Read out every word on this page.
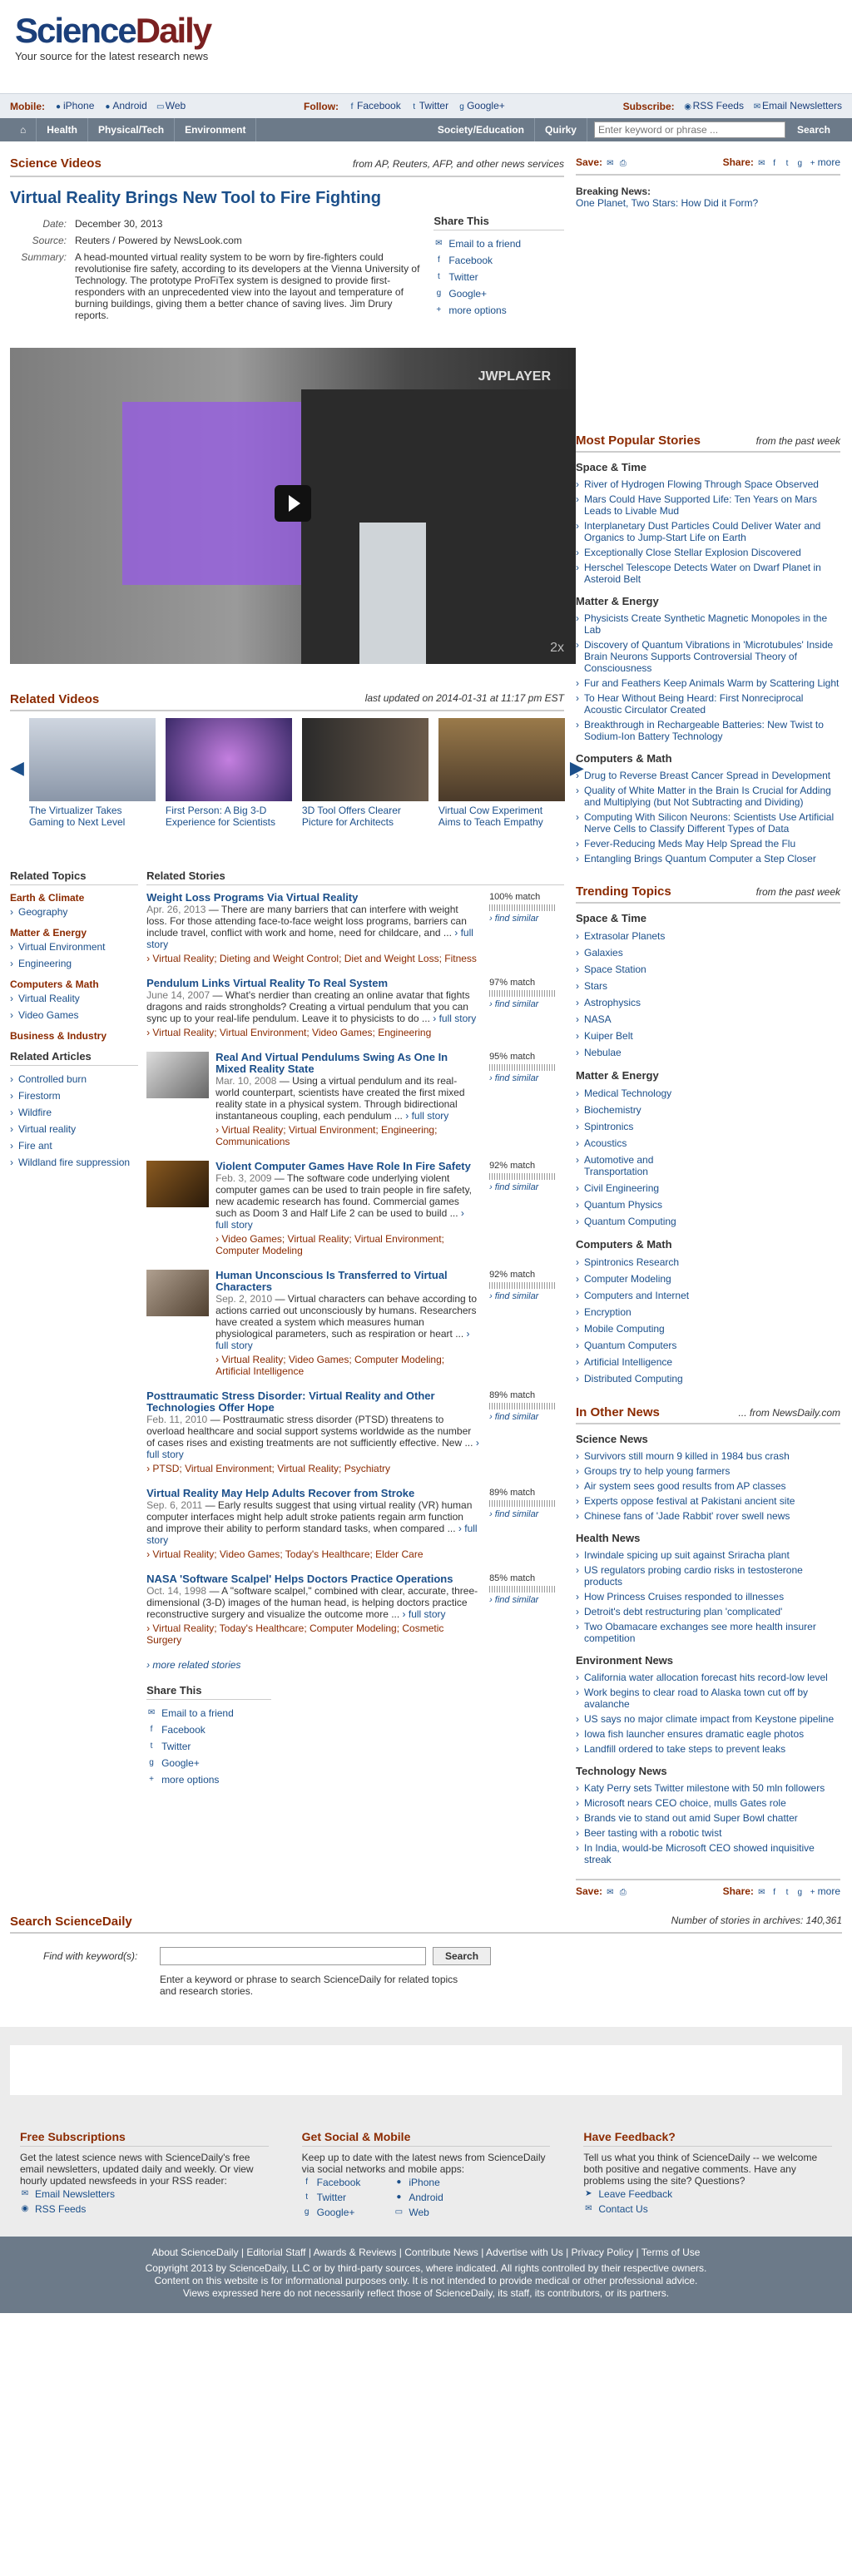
ScienceDaily
Your source for the latest research news
Mobile: ● iPhone ● Android ▭Web	Follow:	f Facebook	t Twitter	g Google+	Subscribe: ◉ RSS Feeds ✉ Email Newsletters
⌂	Health	Physical/Tech	Environment	Society/Education	Quirky
Enter keyword or phrase ...	Search
Science Videos	from AP, Reuters, AFP, and other news services
Virtual Reality Brings New Tool to Fire Fighting
Date:	December 30, 2013
Source:	Reuters / Powered by NewsLook.com
Summary:	A head-mounted virtual reality system to be worn by fire-fighters could revolutionise fire safety, according to its developers at the Vienna University of Technology. The prototype ProFiTex system is designed to provide first-responders with an unprecedented view into the layout and temperature of burning buildings, giving them a better chance of saving lives. Jim Drury reports.
Share This
✉ Email to a friend
f Facebook
t Twitter
g Google+
+ more options
JWPLAYER
2x
Related Videos	last updated on 2014-01-31 at 11:17 pm EST
◀
The Virtualizer Takes Gaming to Next Level
First Person: A Big 3-D Experience for Scientists
3D Tool Offers Clearer Picture for Architects
Virtual Cow Experiment Aims to Teach Empathy
▶
Related Topics
Earth & Climate
› Geography
Matter & Energy
› Virtual Environment
› Engineering
Computers & Math
› Virtual Reality
› Video Games
Business & Industry
Related Articles
› Controlled burn
› Firestorm
› Wildfire
› Virtual reality
› Fire ant
› Wildland fire suppression
Related Stories
Weight Loss Programs Via Virtual Reality
Apr. 26, 2013 — There are many barriers that can interfere with weight loss. For those attending face-to-face weight loss programs, barriers can include travel, conflict with work and home, need for childcare, and ... › full story
› Virtual Reality; Dieting and Weight Control; Diet and Weight Loss; Fitness
100% match
› find similar
Pendulum Links Virtual Reality To Real System
June 14, 2007 — What's nerdier than creating an online avatar that fights dragons and raids strongholds? Creating a virtual pendulum that you can sync up to your real-life pendulum. Leave it to physicists to do ... › full story
› Virtual Reality; Virtual Environment; Video Games; Engineering
97% match
› find similar
Real And Virtual Pendulums Swing As One In Mixed Reality State
Mar. 10, 2008 — Using a virtual pendulum and its real-world counterpart, scientists have created the first mixed reality state in a physical system. Through bidirectional instantaneous coupling, each pendulum ... › full story
› Virtual Reality; Virtual Environment; Engineering; Communications
95% match
› find similar
Violent Computer Games Have Role In Fire Safety
Feb. 3, 2009 — The software code underlying violent computer games can be used to train people in fire safety, new academic research has found. Commercial games such as Doom 3 and Half Life 2 can be used to build ... › full story
› Video Games; Virtual Reality; Virtual Environment; Computer Modeling
92% match
› find similar
Human Unconscious Is Transferred to Virtual Characters
Sep. 2, 2010 — Virtual characters can behave according to actions carried out unconsciously by humans. Researchers have created a system which measures human physiological parameters, such as respiration or heart ... › full story
› Virtual Reality; Video Games; Computer Modeling; Artificial Intelligence
92% match
› find similar
Posttraumatic Stress Disorder: Virtual Reality and Other Technologies Offer Hope
Feb. 11, 2010 — Posttraumatic stress disorder (PTSD) threatens to overload healthcare and social support systems worldwide as the number of cases rises and existing treatments are not sufficiently effective. New ... › full story
› PTSD; Virtual Environment; Virtual Reality; Psychiatry
89% match
› find similar
Virtual Reality May Help Adults Recover from Stroke
Sep. 6, 2011 — Early results suggest that using virtual reality (VR) human computer interfaces might help adult stroke patients regain arm function and improve their ability to perform standard tasks, when compared ... › full story
› Virtual Reality; Video Games; Today's Healthcare; Elder Care
89% match
› find similar
NASA 'Software Scalpel' Helps Doctors Practice Operations
Oct. 14, 1998 — A "software scalpel," combined with clear, accurate, three-dimensional (3-D) images of the human head, is helping doctors practice reconstructive surgery and visualize the outcome more ... › full story
› Virtual Reality; Today's Healthcare; Computer Modeling; Cosmetic Surgery
85% match
› find similar
› more related stories
Share This
✉ Email to a friend
f Facebook
t Twitter
g Google+
+ more options
Save: ✉ ⎙	Share: ✉ f t g + more
Breaking News:
One Planet, Two Stars: How Did it Form?
Most Popular Stories	from the past week
Space & Time
› River of Hydrogen Flowing Through Space Observed
› Mars Could Have Supported Life: Ten Years on Mars Leads to Livable Mud
› Interplanetary Dust Particles Could Deliver Water and Organics to Jump-Start Life on Earth
› Exceptionally Close Stellar Explosion Discovered
› Herschel Telescope Detects Water on Dwarf Planet in Asteroid Belt
Matter & Energy
› Physicists Create Synthetic Magnetic Monopoles in the Lab
› Discovery of Quantum Vibrations in 'Microtubules' Inside Brain Neurons Supports Controversial Theory of Consciousness
› Fur and Feathers Keep Animals Warm by Scattering Light
› To Hear Without Being Heard: First Nonreciprocal Acoustic Circulator Created
› Breakthrough in Rechargeable Batteries: New Twist to Sodium-Ion Battery Technology
Computers & Math
› Drug to Reverse Breast Cancer Spread in Development
› Quality of White Matter in the Brain Is Crucial for Adding and Multiplying (but Not Subtracting and Dividing)
› Computing With Silicon Neurons: Scientists Use Artificial Nerve Cells to Classify Different Types of Data
› Fever-Reducing Meds May Help Spread the Flu
› Entangling Brings Quantum Computer a Step Closer
Trending Topics	from the past week
Space & Time
› Extrasolar Planets
› Galaxies
› Space Station
› Stars
› Astrophysics
› NASA
› Kuiper Belt
› Nebulae
Matter & Energy
› Medical Technology
› Biochemistry
› Spintronics
› Acoustics
› Automotive and Transportation
› Civil Engineering
› Quantum Physics
› Quantum Computing
Computers & Math
› Spintronics Research
› Computer Modeling
› Computers and Internet
› Encryption
› Mobile Computing
› Quantum Computers
› Artificial Intelligence
› Distributed Computing
In Other News	... from NewsDaily.com
Science News
› Survivors still mourn 9 killed in 1984 bus crash
› Groups try to help young farmers
› Air system sees good results from AP classes
› Experts oppose festival at Pakistani ancient site
› Chinese fans of 'Jade Rabbit' rover swell news
Health News
› Irwindale spicing up suit against Sriracha plant
› US regulators probing cardio risks in testosterone products
› How Princess Cruises responded to illnesses
› Detroit's debt restructuring plan 'complicated'
› Two Obamacare exchanges see more health insurer competition
Environment News
› California water allocation forecast hits record-low level
› Work begins to clear road to Alaska town cut off by avalanche
› US says no major climate impact from Keystone pipeline
› Iowa fish launcher ensures dramatic eagle photos
› Landfill ordered to take steps to prevent leaks
Technology News
› Katy Perry sets Twitter milestone with 50 mln followers
› Microsoft nears CEO choice, mulls Gates role
› Brands vie to stand out amid Super Bowl chatter
› Beer tasting with a robotic twist
› In India, would-be Microsoft CEO showed inquisitive streak
Save: ✉ ⎙	Share: ✉ f t g + more
Search ScienceDaily	Number of stories in archives: 140,361
Find with keyword(s):	Search
Enter a keyword or phrase to search ScienceDaily for related topics and research stories.
Free Subscriptions
Get the latest science news with ScienceDaily's free email newsletters, updated daily and weekly. Or view hourly updated newsfeeds in your RSS reader:
✉ Email Newsletters
◉ RSS Feeds
Get Social & Mobile
Keep up to date with the latest news from ScienceDaily via social networks and mobile apps:
f Facebook
t Twitter
g Google+
● iPhone
● Android
▭ Web
Have Feedback?
Tell us what you think of ScienceDaily -- we welcome both positive and negative comments. Have any problems using the site? Questions?
➤ Leave Feedback
✉ Contact Us
About ScienceDaily | Editorial Staff | Awards & Reviews | Contribute News | Advertise with Us | Privacy Policy | Terms of Use
Copyright 2013 by ScienceDaily, LLC or by third-party sources, where indicated. All rights controlled by their respective owners.
Content on this website is for informational purposes only. It is not intended to provide medical or other professional advice.
Views expressed here do not necessarily reflect those of ScienceDaily, its staff, its contributors, or its partners.
